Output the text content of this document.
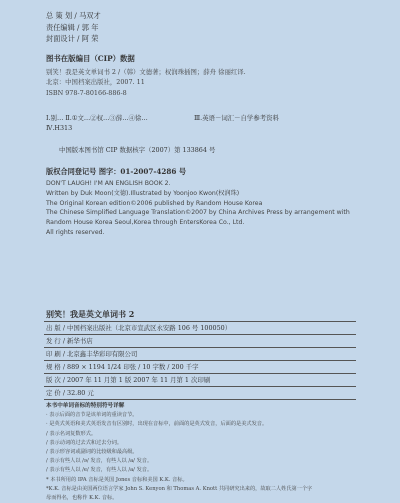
总 策 划 / 马双才
责任编辑 / 郭 年
封面设计 / 阿 荣
图书在版编目（CIP）数据
别笑！我是英文单词书 2 /（韩）文德著；权润珠插图；薛舟 徐丽红译.
北京：中国档案出版社，2007. 11
ISBN 978-7-80166-886-8
Ⅰ.别… Ⅱ.①文…②权…③薛…④徐…	Ⅲ.英语－词汇－自学参考资料
Ⅳ.H313
中国版本图书馆 CIP 数据核字（2007）第 133864 号
版权合同登记号 图字：01-2007-4286 号
DON'T LAUGH! I'M AN ENGLISH BOOK 2.
Written by Duk Moon(文德).Illustrated by Yoonjoo Kwon(权润珠)
The Original Korean edition©2006 published by Random House Korea
The Chinese Simplified Language Translation©2007 by China Archives Press by arrangement with
Random House Korea Seoul,Korea through EntersKorea Co., Ltd.
All rights reserved.
别笑！我是英文单词书 2
出 版 / 中国档案出版社（北京市宣武区永安路 106 号 100050）
发 行 / 新华书店
印 刷 / 北京鑫丰华彩印有限公司
规 格 / 889 × 1194 1/24 印张 / 10 字数 / 200 千字
版 次 / 2007 年 11 月第 1 版 2007 年 11 月第 1 次印刷
定 价 / 32.80 元
本书中单词音标的特别符号详解
· 表示后面的音节是该单词的重读音节。
· 是英式英语和美式英语发音有区别时，出现在音标中，前面的是英式发音，后面的是美式发音。
/ 表示名词复数形式。
/ 表示动词的过去式和过去分词。
/ 表示形容词或副词的比较级和最高级。
/ 表示有些人以 /ə/ 发音，有些人以 /a/ 发音。
/ 表示有些人以 /e/ 发音，有些人以 /a/ 发音。
* 本书所用的 IPA 音标是英国 Jones 音标和美国 K.K. 音标。
*K.K. 音标是由美国两位语言学家 John S. Kenyon 和 Thomas A. Knott 共同研究出来的，故取二人姓氏第一个字
母而得名，也称作 K.K. 音标。
